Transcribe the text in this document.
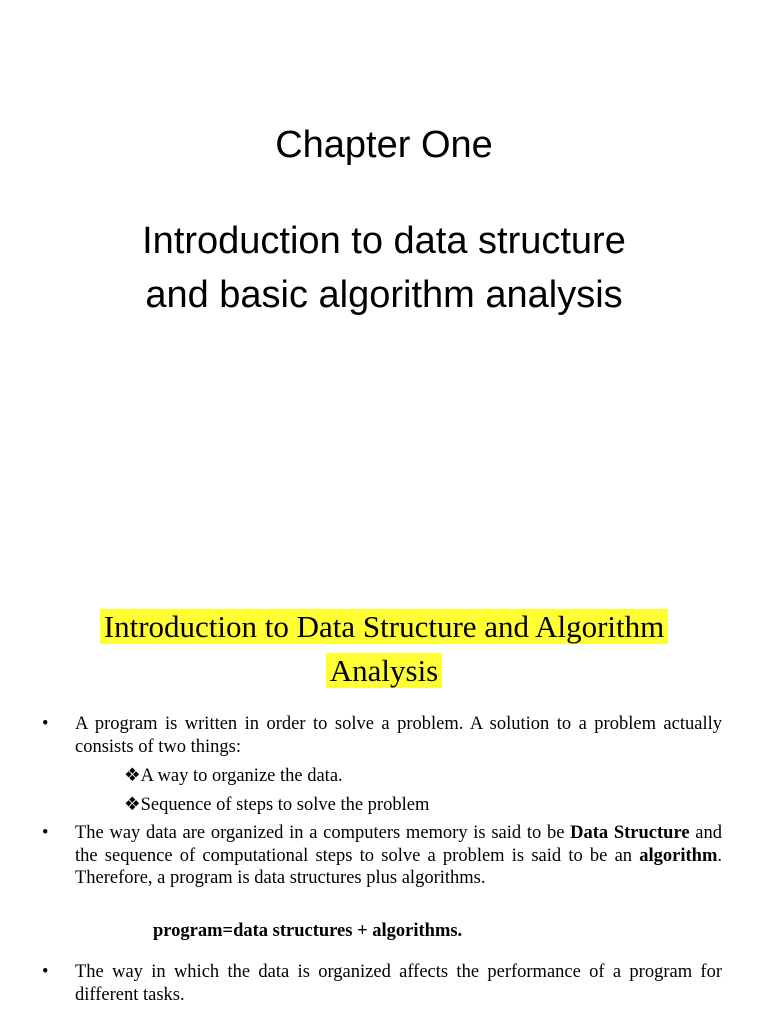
Chapter One
Introduction to data structure
and basic algorithm analysis
Introduction to Data Structure and Algorithm
Analysis
•	A program is written in order to solve a problem. A solution to a problem actually consists of two things:
❖A way to organize the data.
❖Sequence of steps to solve the problem
•	The way data are organized in a computers memory is said to be Data Structure and the sequence of computational steps to solve a problem is said to be an algorithm. Therefore, a program is data structures plus algorithms.
program=data structures + algorithms.
•	The way in which the data is organized affects the performance of a program for different tasks.
